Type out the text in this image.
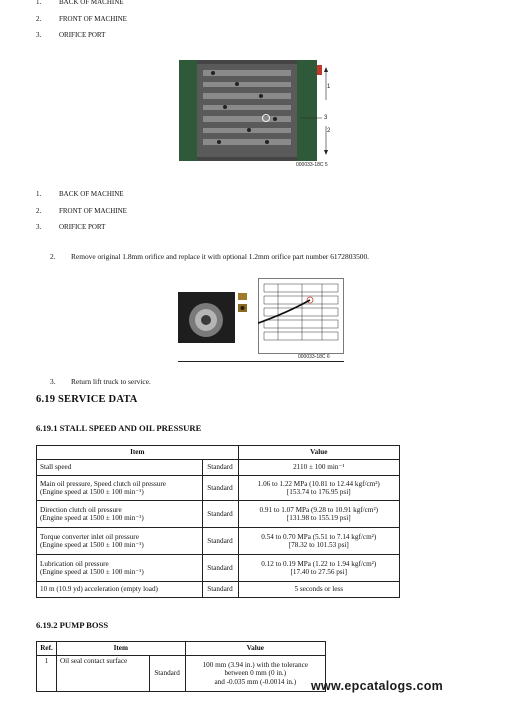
1.	BACK OF MACHINE
2.	FRONT OF MACHINE
3.	ORIFICE PORT
1
3
2
000033-18C 5
1.	BACK OF MACHINE
2.	FRONT OF MACHINE
3.	ORIFICE PORT
2. Remove original 1.8mm orifice and replace it with optional 1.2mm orifice part number 6172803500.
000033-18C 6
3. Return lift truck to service.
6.19 SERVICE DATA
6.19.1 STALL SPEED AND OIL PRESSURE
Item		Value
Stall speed	Standard	2110 ± 100 min⁻¹
Main oil pressure, Speed clutch oil pressure
(Engine speed at 1500 ± 100 min⁻¹)	Standard	1.06 to 1.22 MPa (10.81 to 12.44 kgf/cm²)
[153.74 to 176.95 psi]
Direction clutch oil pressure
(Engine speed at 1500 ± 100 min⁻¹)	Standard	0.91 to 1.07 MPa (9.28 to 10.91 kgf/cm²)
[131.98 to 155.19 psi]
Torque converter inlet oil pressure
(Engine speed at 1500 ± 100 min⁻¹)	Standard	0.54 to 0.70 MPa (5.51 to 7.14 kgf/cm²)
[78.32 to 101.53 psi]
Lubrication oil pressure
(Engine speed at 1500 ± 100 min⁻¹)	Standard	0.12 to 0.19 MPa (1.22 to 1.94 kgf/cm²)
[17.40 to 27.56 psi]
10 m (10.9 yd) acceleration (empty load)	Standard	5 seconds or less
6.19.2 PUMP BOSS
Ref.	Item		Value
1	Oil seal contact surface	Standard	100 mm (3.94 in.) with the tolerance
between 0 mm (0 in.)
and -0.035 mm (-0.0014 in.) www.epcatalogs.com
